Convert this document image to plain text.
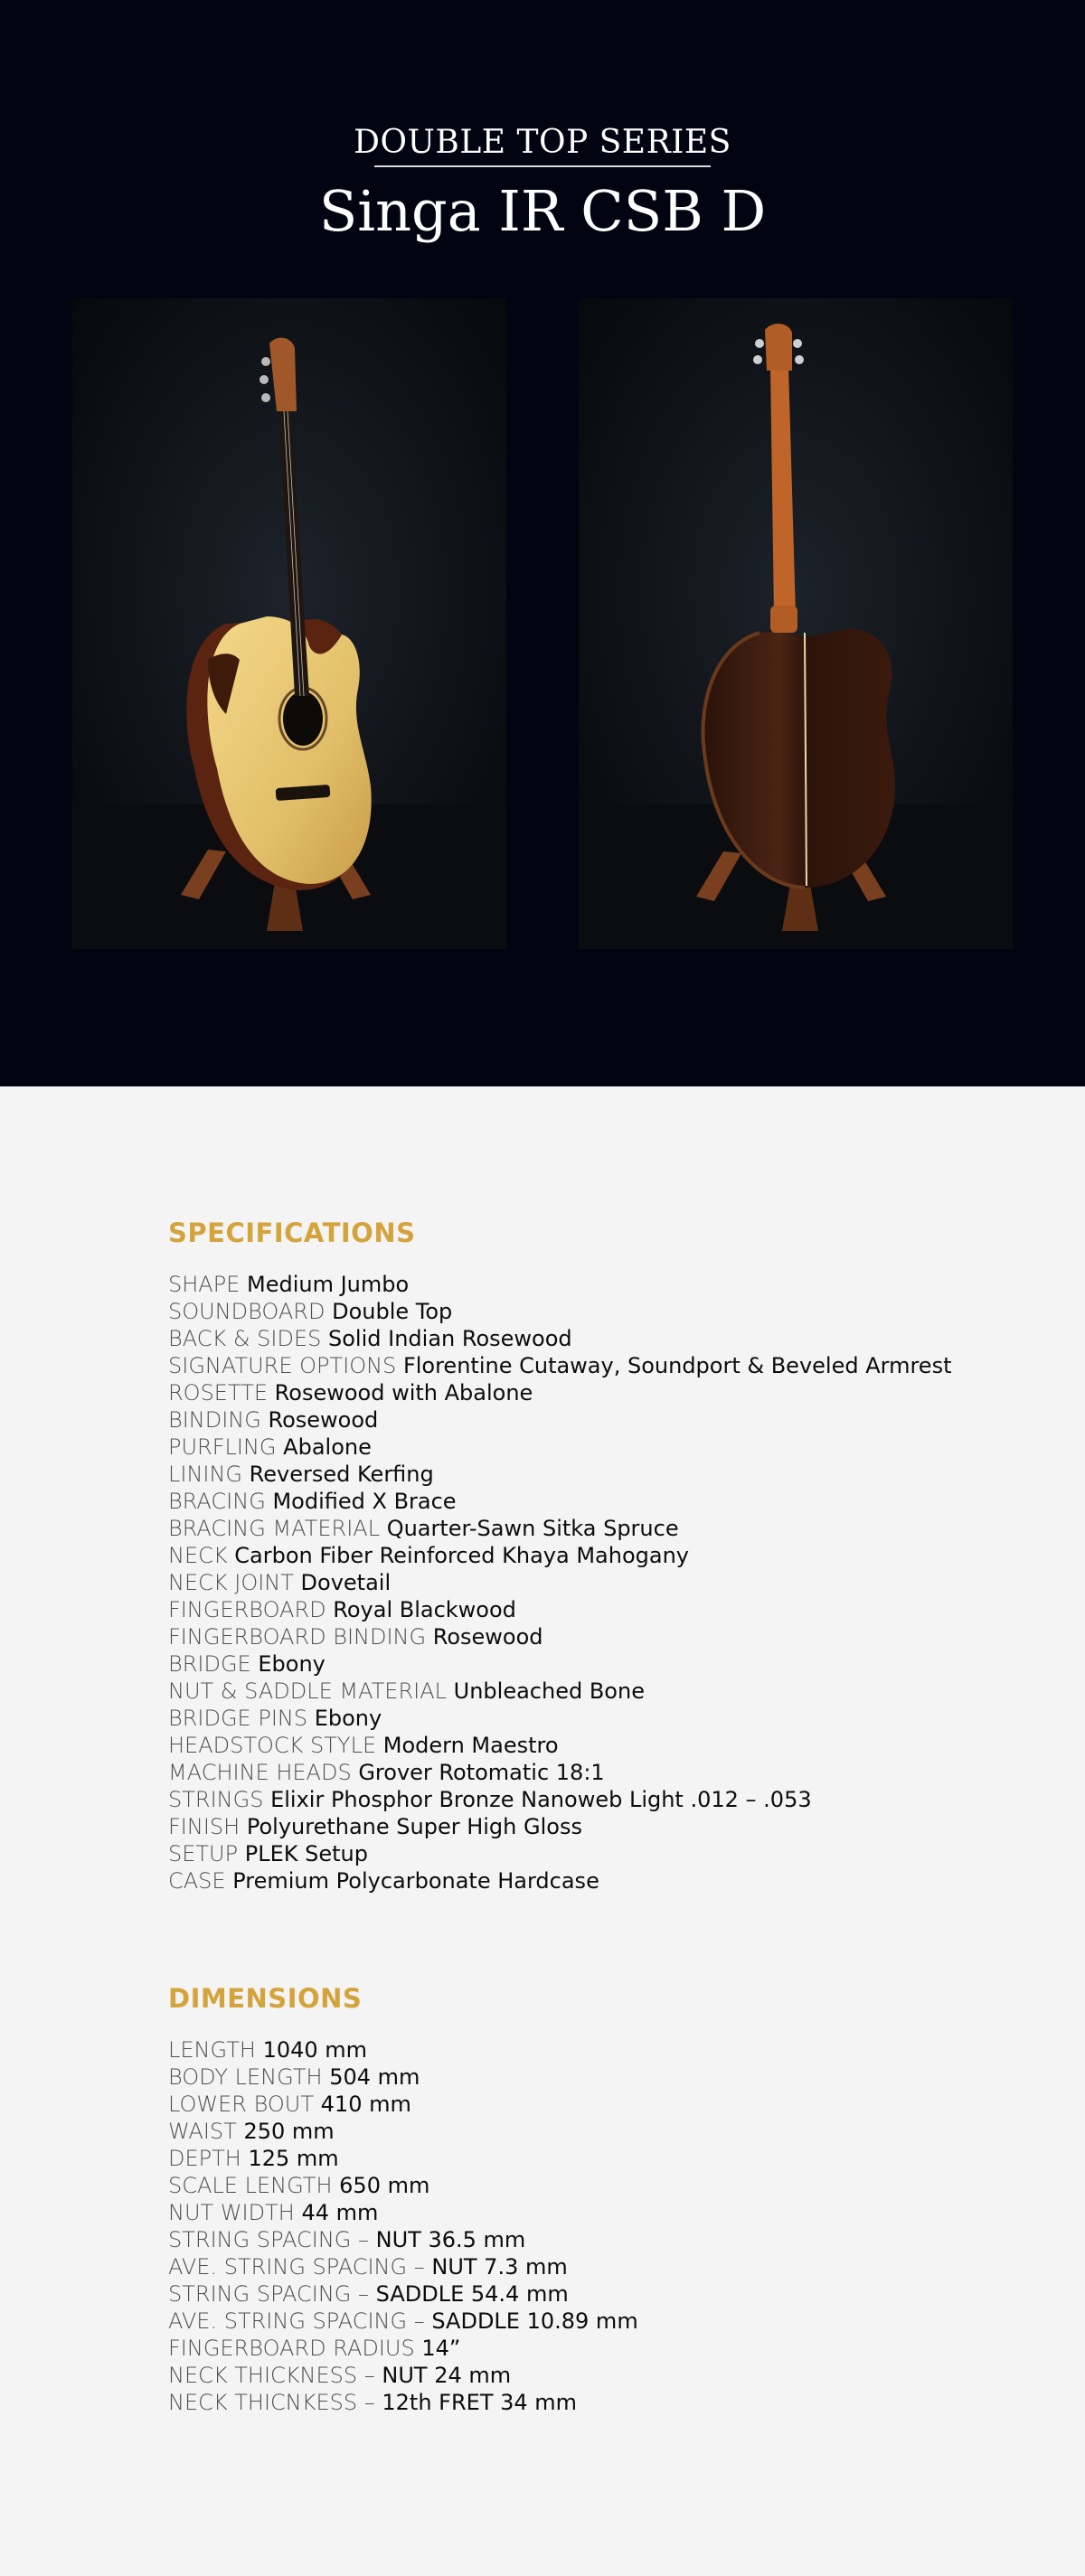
DOUBLE TOP SERIES
Singa IR CSB D
SPECIFICATIONS
SHAPE Medium Jumbo
SOUNDBOARD Double Top
BACK & SIDES Solid Indian Rosewood
SIGNATURE OPTIONS Florentine Cutaway, Soundport & Beveled Armrest
ROSETTE Rosewood with Abalone
BINDING Rosewood
PURFLING Abalone
LINING Reversed Kerfing
BRACING Modified X Brace
BRACING MATERIAL Quarter-Sawn Sitka Spruce
NECK Carbon Fiber Reinforced Khaya Mahogany
NECK JOINT Dovetail
FINGERBOARD Royal Blackwood
FINGERBOARD BINDING Rosewood
BRIDGE Ebony
NUT & SADDLE MATERIAL Unbleached Bone
BRIDGE PINS Ebony
HEADSTOCK STYLE Modern Maestro
MACHINE HEADS Grover Rotomatic 18:1
STRINGS Elixir Phosphor Bronze Nanoweb Light .012 – .053
FINISH Polyurethane Super High Gloss
SETUP PLEK Setup
CASE Premium Polycarbonate Hardcase
DIMENSIONS
LENGTH 1040 mm
BODY LENGTH 504 mm
LOWER BOUT 410 mm
WAIST 250 mm
DEPTH 125 mm
SCALE LENGTH 650 mm
NUT WIDTH 44 mm
STRING SPACING – NUT 36.5 mm
AVE. STRING SPACING – NUT 7.3 mm
STRING SPACING – SADDLE 54.4 mm
AVE. STRING SPACING – SADDLE 10.89 mm
FINGERBOARD RADIUS 14”
NECK THICKNESS – NUT 24 mm
NECK THICNKESS – 12th FRET 34 mm
